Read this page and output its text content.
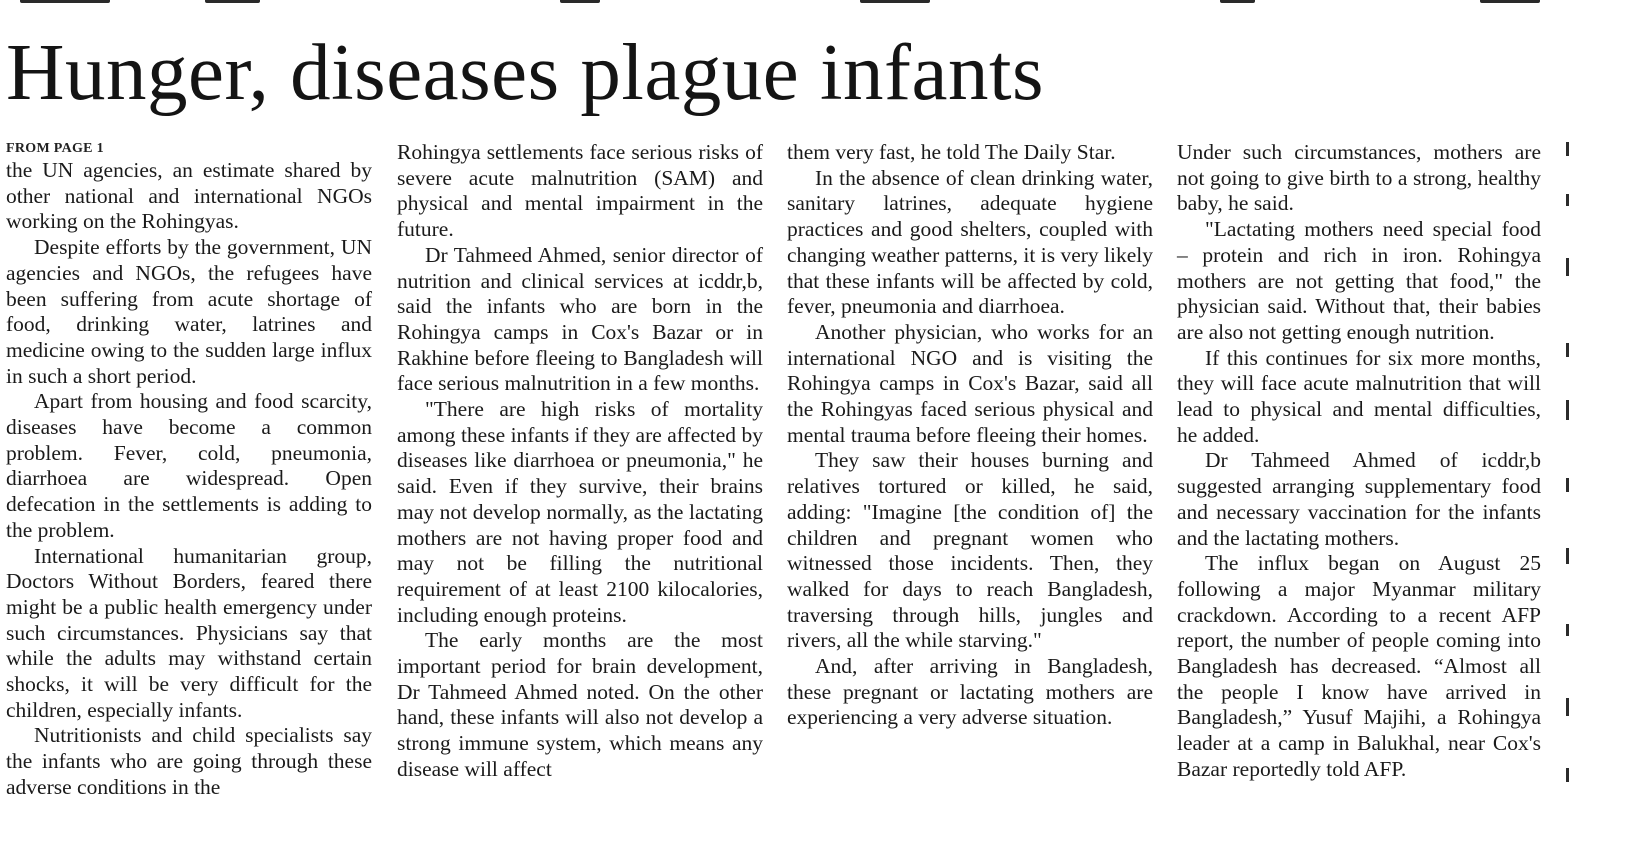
Hunger, diseases plague infants
FROM PAGE 1

the UN agencies, an estimate shared by other national and international NGOs working on the Rohingyas.

Despite efforts by the government, UN agencies and NGOs, the refugees have been suffering from acute shortage of food, drinking water, latrines and medicine owing to the sudden large influx in such a short period.

Apart from housing and food scarcity, diseases have become a common problem. Fever, cold, pneumonia, diarrhoea are widespread. Open defecation in the settlements is adding to the problem.

International humanitarian group, Doctors Without Borders, feared there might be a public health emergency under such circumstances. Physicians say that while the adults may withstand certain shocks, it will be very difficult for the children, especially infants.

Nutritionists and child specialists say the infants who are going through these adverse conditions in the

Rohingya settlements face serious risks of severe acute malnutrition (SAM) and physical and mental impairment in the future.

Dr Tahmeed Ahmed, senior director of nutrition and clinical services at icddr,b, said the infants who are born in the Rohingya camps in Cox's Bazar or in Rakhine before fleeing to Bangladesh will face serious malnutrition in a few months.

"There are high risks of mortality among these infants if they are affected by diseases like diarrhoea or pneumonia," he said. Even if they survive, their brains may not develop normally, as the lactating mothers are not having proper food and may not be filling the nutritional requirement of at least 2100 kilocalories, including enough proteins.

The early months are the most important period for brain development, Dr Tahmeed Ahmed noted. On the other hand, these infants will also not develop a strong immune system, which means any disease will affect

them very fast, he told The Daily Star.

In the absence of clean drinking water, sanitary latrines, adequate hygiene practices and good shelters, coupled with changing weather patterns, it is very likely that these infants will be affected by cold, fever, pneumonia and diarrhoea.

Another physician, who works for an international NGO and is visiting the Rohingya camps in Cox's Bazar, said all the Rohingyas faced serious physical and mental trauma before fleeing their homes.

They saw their houses burning and relatives tortured or killed, he said, adding: "Imagine [the condition of] the children and pregnant women who witnessed those incidents. Then, they walked for days to reach Bangladesh, traversing through hills, jungles and rivers, all the while starving."

And, after arriving in Bangladesh, these pregnant or lactating mothers are experiencing a very adverse situation.

Under such circumstances, mothers are not going to give birth to a strong, healthy baby, he said.

"Lactating mothers need special food – protein and rich in iron. Rohingya mothers are not getting that food," the physician said. Without that, their babies are also not getting enough nutrition.

If this continues for six more months, they will face acute malnutrition that will lead to physical and mental difficulties, he added.

Dr Tahmeed Ahmed of icddr,b suggested arranging supplementary food and necessary vaccination for the infants and the lactating mothers.

The influx began on August 25 following a major Myanmar military crackdown. According to a recent AFP report, the number of people coming into Bangladesh has decreased. “Almost all the people I know have arrived in Bangladesh,” Yusuf Majihi, a Rohingya leader at a camp in Balukhal, near Cox's Bazar reportedly told AFP.
